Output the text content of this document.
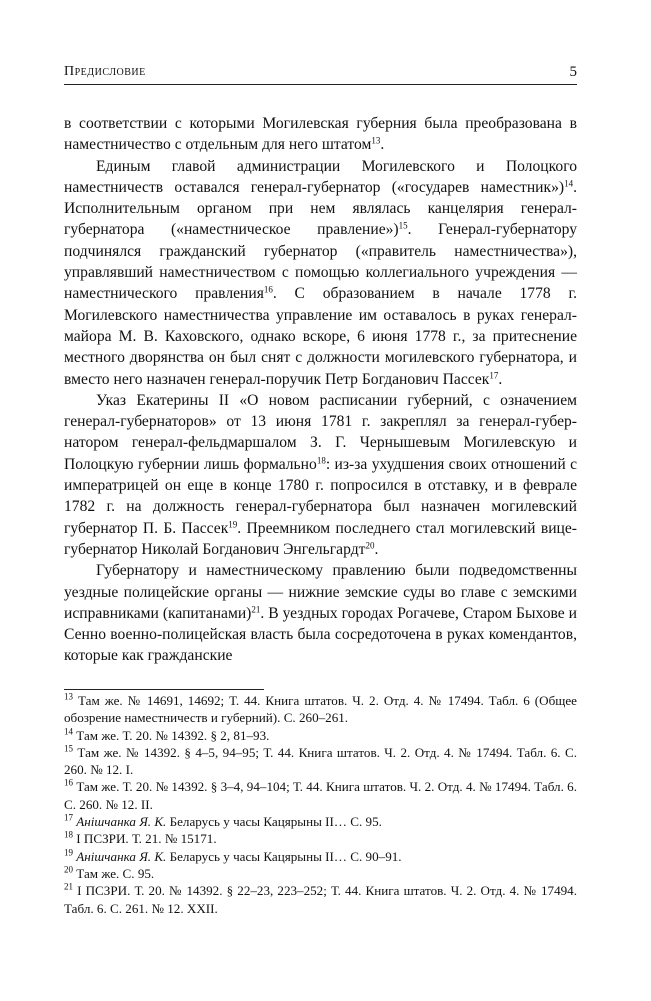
Предисловие	5

в соответствии с которыми Могилевская губерния была преобразована в наместничество с отдельным для него штатом$^{13}$.

Единым главой администрации Могилевского и Полоцкого наместничеств оставался генерал-губернатор («государев наместник»)$^{14}$. Исполнительным органом при нем являлась канцелярия генерал-губернатора («наместническое правление»)$^{15}$. Генерал-губернатору подчинялся гражданский губернатор («правитель наместничества»), управлявший наместничеством с помощью коллегиального учреждения — наместнического правления$^{16}$. С образованием в начале 1778 г. Могилевского наместничества управление им оставалось в руках генерал-майора М. В. Каховского, однако вскоре, 6 июня 1778 г., за притеснение местного дворянства он был снят с должности могилевского губернатора, и вместо него назначен генерал-поручик Петр Богданович Пассек$^{17}$.

Указ Екатерины II «О новом расписании губерний, с означением генерал-губернаторов» от 13 июня 1781 г. закреплял за генерал-губернатором генерал-фельдмаршалом З. Г. Чернышевым Могилевскую и Полоцкую губернии лишь формально$^{18}$: из-за ухудшения своих отношений с императрицей он еще в конце 1780 г. попросился в отставку, и в феврале 1782 г. на должность генерал-губернатора был назначен могилевский губернатор П. Б. Пассек$^{19}$. Преемником последнего стал могилевский вице-губернатор Николай Богданович Энгельгардт$^{20}$.

Губернатору и наместническому правлению были подведомственны уездные полицейские органы — нижние земские суды во главе с земскими исправниками (капитанами)$^{21}$. В уездных городах Рогачеве, Старом Быхове и Сенно военно-полицейская власть была сосредоточена в руках комендантов, которые как гражданские

$^{13}$ Там же. № 14691, 14692; Т. 44. Книга штатов. Ч. 2. Отд. 4. № 17494. Табл. 6 (Общее обозрение наместничеств и губерний). С. 260–261.

$^{14}$ Там же. Т. 20. № 14392. § 2, 81–93.

$^{15}$ Там же. № 14392. § 4–5, 94–95; Т. 44. Книга штатов. Ч. 2. Отд. 4. № 17494. Табл. 6. С. 260. № 12. I.

$^{16}$ Там же. Т. 20. № 14392. § 3–4, 94–104; Т. 44. Книга штатов. Ч. 2. Отд. 4. № 17494. Табл. 6. С. 260. № 12. II.

$^{17}$ Анiшчанка Я. К. Беларусь у часы Кацярыны II… С. 95.

$^{18}$ I ПСЗРИ. Т. 21. № 15171.

$^{19}$ Анiшчанка Я. К. Беларусь у часы Кацярыны II… С. 90–91.

$^{20}$ Там же. С. 95.

$^{21}$ I ПСЗРИ. Т. 20. № 14392. § 22–23, 223–252; Т. 44. Книга штатов. Ч. 2. Отд. 4. № 17494. Табл. 6. С. 261. № 12. XXII.
